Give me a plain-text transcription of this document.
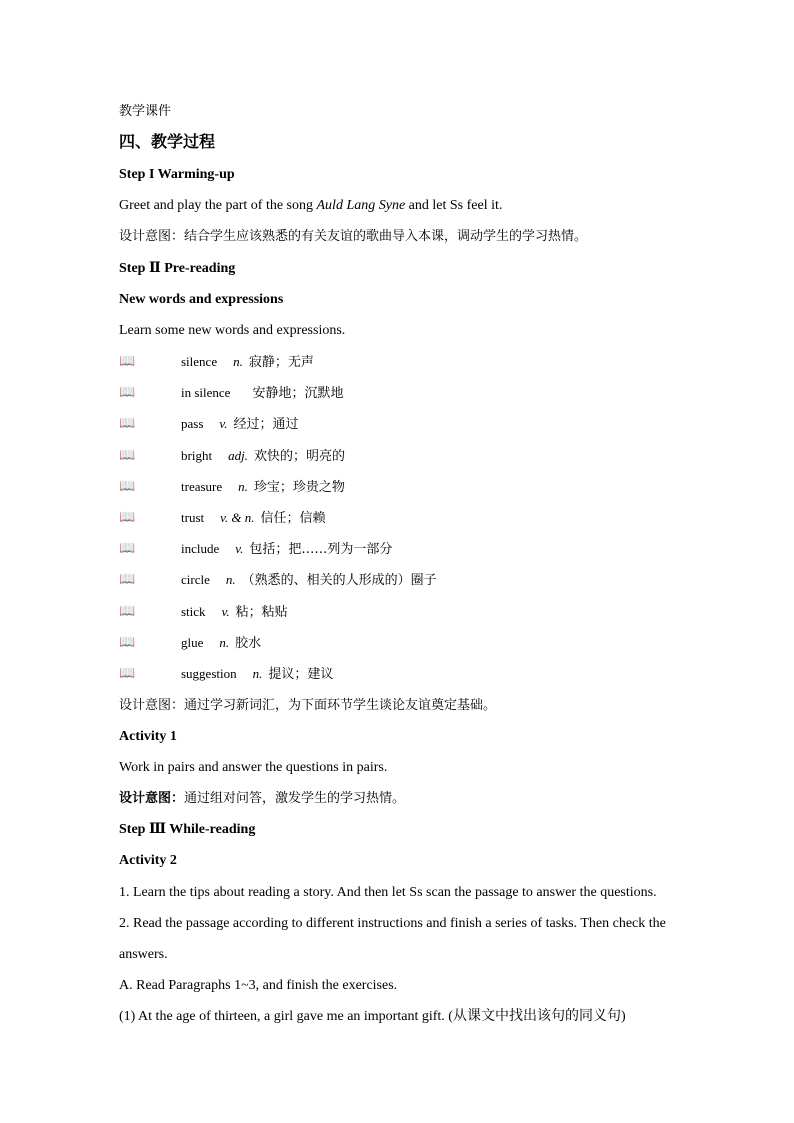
教学课件
四、教学过程
Step I Warming-up
Greet and play the part of the song Auld Lang Syne and let Ss feel it.
设计意图：结合学生应该熟悉的有关友谊的歌曲导入本课，调动学生的学习热情。
Step Ⅱ Pre-reading
New words and expressions
Learn some new words and expressions.
📖	silence n. 寂静；无声
📖	in silence 安静地；沉默地
📖	pass v. 经过；通过
📖	bright adj. 欢快的；明亮的
📖	treasure n. 珍宝；珍贵之物
📖	trust v. & n. 信任；信赖
📖	include v. 包括；把……列为一部分
📖	circle n. （熟悉的、相关的人形成的）圈子
📖	stick v. 粘；粘贴
📖	glue n. 胶水
📖	suggestion n. 提议；建议
设计意图：通过学习新词汇，为下面环节学生谈论友谊奠定基础。
Activity 1
Work in pairs and answer the questions in pairs.
设计意图：通过组对问答，激发学生的学习热情。
Step Ⅲ While-reading
Activity 2
1. Learn the tips about reading a story. And then let Ss scan the passage to answer the questions.
2. Read the passage according to different instructions and finish a series of tasks. Then check the
answers.
A. Read Paragraphs 1~3, and finish the exercises.
(1) At the age of thirteen, a girl gave me an important gift. (从课文中找出该句的同义句)
